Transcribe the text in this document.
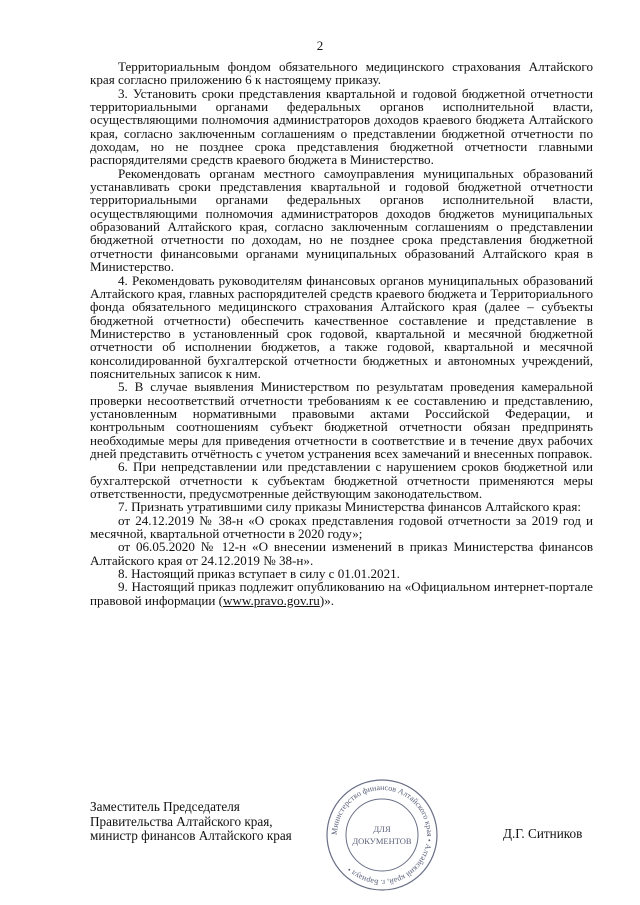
2

Территориальным фондом обязательного медицинского страхования Алтайского края согласно приложению 6 к настоящему приказу.

3. Установить сроки представления квартальной и годовой бюджетной отчетности территориальными органами федеральных органов исполнительной власти, осуществляющими полномочия администраторов доходов краевого бюджета Алтайского края, согласно заключенным соглашениям о представлении бюджетной отчетности по доходам, но не позднее срока представления бюджетной отчетности главными распорядителями средств краевого бюджета в Министерство.

Рекомендовать органам местного самоуправления муниципальных образований устанавливать сроки представления квартальной и годовой бюджетной отчетности территориальными органами федеральных органов исполнительной власти, осуществляющими полномочия администраторов доходов бюджетов муниципальных образований Алтайского края, согласно заключенным соглашениям о представлении бюджетной отчетности по доходам, но не позднее срока представления бюджетной отчетности финансовыми органами муниципальных образований Алтайского края в Министерство.

4. Рекомендовать руководителям финансовых органов муниципальных образований Алтайского края, главных распорядителей средств краевого бюджета и Территориального фонда обязательного медицинского страхования Алтайского края (далее – субъекты бюджетной отчетности) обеспечить качественное составление и представление в Министерство в установленный срок годовой, квартальной и месячной бюджетной отчетности об исполнении бюджетов, а также годовой, квартальной и месячной консолидированной бухгалтерской отчетности бюджетных и автономных учреждений, пояснительных записок к ним.

5. В случае выявления Министерством по результатам проведения камеральной проверки несоответствий отчетности требованиям к ее составлению и представлению, установленным нормативными правовыми актами Российской Федерации, и контрольным соотношениям субъект бюджетной отчетности обязан предпринять необходимые меры для приведения отчетности в соответствие и в течение двух рабочих дней представить отчётность с учетом устранения всех замечаний и внесенных поправок.

6. При непредставлении или представлении с нарушением сроков бюджетной или бухгалтерской отчетности к субъектам бюджетной отчетности применяются меры ответственности, предусмотренные действующим законодательством.

7. Признать утратившими силу приказы Министерства финансов Алтайского края:

от 24.12.2019 № 38-н «О сроках представления годовой отчетности за 2019 год и месячной, квартальной отчетности в 2020 году»;

от 06.05.2020 № 12-н «О внесении изменений в приказ Министерства финансов Алтайского края от 24.12.2019 № 38-н».

8. Настоящий приказ вступает в силу с 01.01.2021.

9. Настоящий приказ подлежит опубликованию на «Официальном интернет-портале правовой информации (www.pravo.gov.ru)».

Заместитель Председателя
Правительства Алтайского края,
министр финансов Алтайского края	Министерство финансов Алтайского края • Алтайский край, г. Барнаул •
ДЛЯ
ДОКУМЕНТОВ	Д.Г. Ситников
